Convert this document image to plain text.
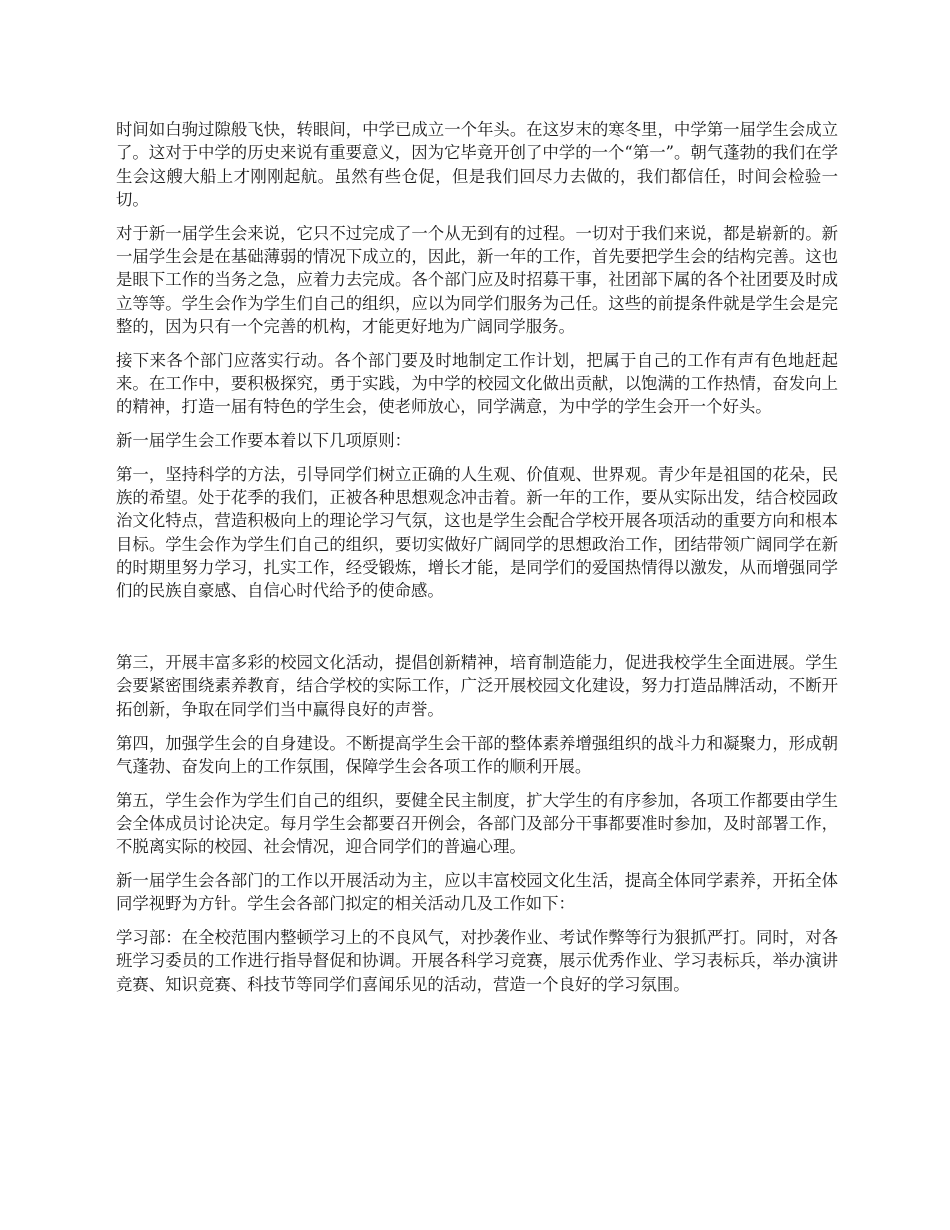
时间如白驹过隙般飞快，转眼间，中学已成立一个年头。在这岁末的寒冬里，中学第一届学生会成立了。这对于中学的历史来说有重要意义，因为它毕竟开创了中学的一个“第一”。朝气蓬勃的我们在学生会这艘大船上才刚刚起航。虽然有些仓促，但是我们回尽力去做的，我们都信任，时间会检验一切。

对于新一届学生会来说，它只不过完成了一个从无到有的过程。一切对于我们来说，都是崭新的。新一届学生会是在基础薄弱的情况下成立的，因此，新一年的工作，首先要把学生会的结构完善。这也是眼下工作的当务之急，应着力去完成。各个部门应及时招募干事，社团部下属的各个社团要及时成立等等。学生会作为学生们自己的组织，应以为同学们服务为己任。这些的前提条件就是学生会是完整的，因为只有一个完善的机构，才能更好地为广阔同学服务。

接下来各个部门应落实行动。各个部门要及时地制定工作计划，把属于自己的工作有声有色地赶起来。在工作中，要积极探究，勇于实践，为中学的校园文化做出贡献，以饱满的工作热情，奋发向上的精神，打造一届有特色的学生会，使老师放心，同学满意，为中学的学生会开一个好头。

新一届学生会工作要本着以下几项原则：

第一，坚持科学的方法，引导同学们树立正确的人生观、价值观、世界观。青少年是祖国的花朵，民族的希望。处于花季的我们，正被各种思想观念冲击着。新一年的工作，要从实际出发，结合校园政治文化特点，营造积极向上的理论学习气氛，这也是学生会配合学校开展各项活动的重要方向和根本目标。学生会作为学生们自己的组织，要切实做好广阔同学的思想政治工作，团结带领广阔同学在新的时期里努力学习，扎实工作，经受锻炼，增长才能，是同学们的爱国热情得以激发，从而增强同学们的民族自豪感、自信心时代给予的使命感。

第三，开展丰富多彩的校园文化活动，提倡创新精神，培育制造能力，促进我校学生全面进展。学生会要紧密围绕素养教育，结合学校的实际工作，广泛开展校园文化建设，努力打造品牌活动，不断开拓创新，争取在同学们当中赢得良好的声誉。

第四，加强学生会的自身建设。不断提高学生会干部的整体素养增强组织的战斗力和凝聚力，形成朝气蓬勃、奋发向上的工作氛围，保障学生会各项工作的顺利开展。

第五，学生会作为学生们自己的组织，要健全民主制度，扩大学生的有序参加，各项工作都要由学生会全体成员讨论决定。每月学生会都要召开例会，各部门及部分干事都要准时参加，及时部署工作，不脱离实际的校园、社会情况，迎合同学们的普遍心理。

新一届学生会各部门的工作以开展活动为主，应以丰富校园文化生活，提高全体同学素养，开拓全体同学视野为方针。学生会各部门拟定的相关活动几及工作如下：

学习部：在全校范围内整顿学习上的不良风气，对抄袭作业、考试作弊等行为狠抓严打。同时，对各班学习委员的工作进行指导督促和协调。开展各科学习竞赛，展示优秀作业、学习表标兵，举办演讲竞赛、知识竞赛、科技节等同学们喜闻乐见的活动，营造一个良好的学习氛围。
